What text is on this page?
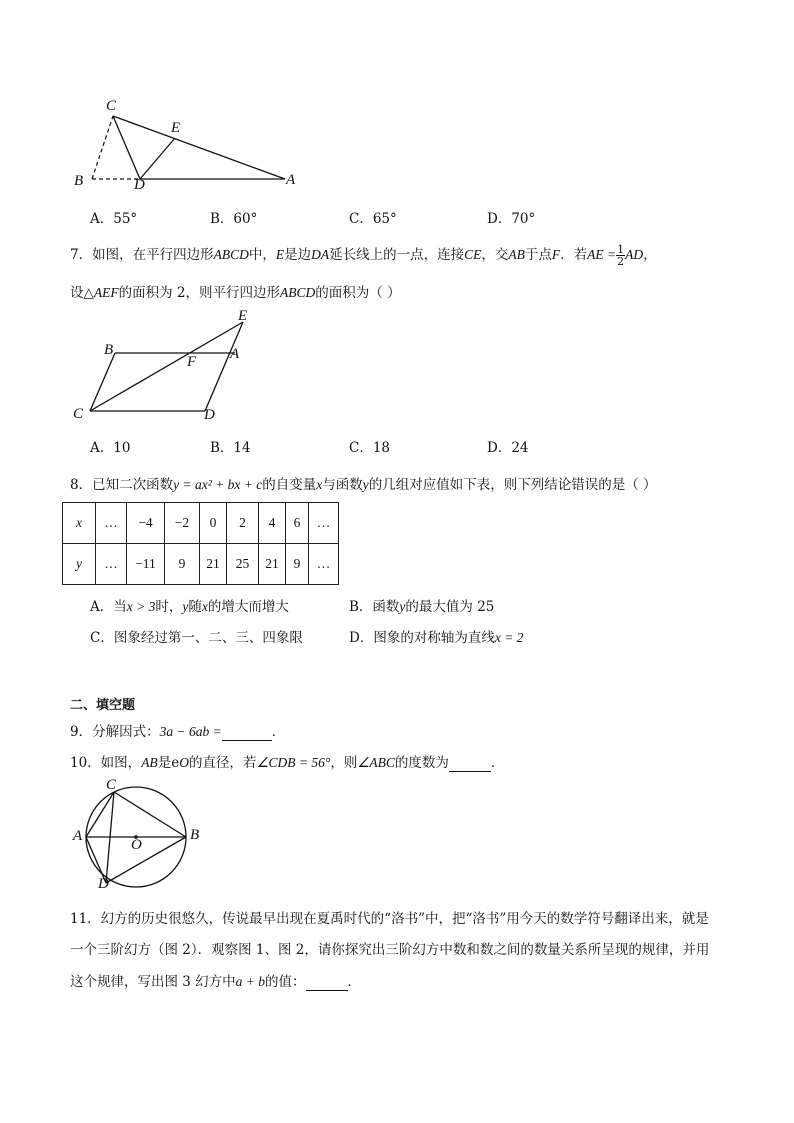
C
E
B	D	A
A．55°	B．60°	C．65°	D．70°
7．如图，在平行四边形ABCD中，E是边DA延长线上的一点，连接CE，交AB于点F．若AE = $\frac{1}{2}$ AD，
设△AEF的面积为 2，则平行四边形ABCD的面积为（ ）
E
B
F A
C	D
A．10	B．14	C．18	D．24
8．已知二次函数y = ax² + bx + c的自变量x与函数y的几组对应值如下表，则下列结论错误的是（ ）
x	…	−4	−2	0	2	4	6	…
y	…	−11	9	21	25	21	9	…
A．当x > 3时，y随x的增大而增大	B．函数y的最大值为 25
C．图象经过第一、二、三、四象限	D．图象的对称轴为直线x = 2
二、填空题
9．分解因式：3a − 6ab =	．
10．如图，AB是eO的直径，若∠CDB = 56°，则∠ABC的度数为	．
C
A
O
B
D
11．幻方的历史很悠久，传说最早出现在夏禹时代的“洛书”中，把“洛书”用今天的数学符号翻译出来，就是
一个三阶幻方（图 2）．观察图 1、图 2，请你探究出三阶幻方中数和数之间的数量关系所呈现的规律，并用
这个规律，写出图 3 幻方中a + b的值：	．
